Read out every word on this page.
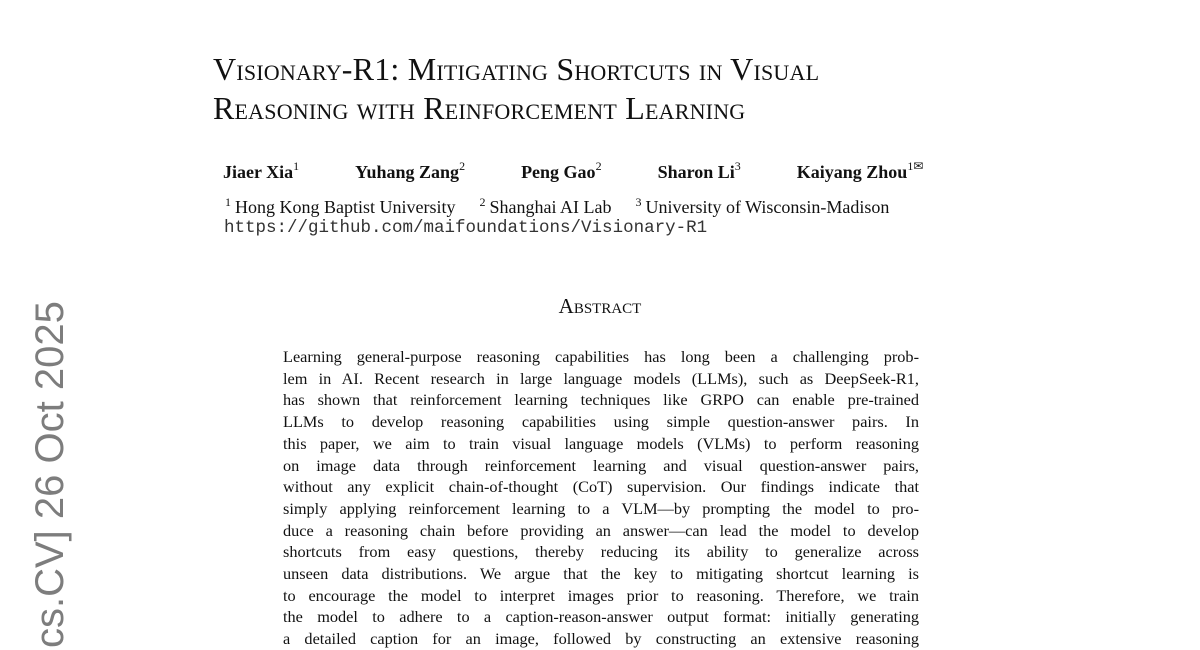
cs.CV] 26 Oct 2025
Visionary-R1: Mitigating Shortcuts in Visual
Reasoning with Reinforcement Learning
Jiaer Xia$^1$	Yuhang Zang$^2$	Peng Gao$^2$	Sharon Li$^3$	Kaiyang Zhou$^{1✉}$
$^1$ Hong Kong Baptist University $^2$ Shanghai AI Lab $^3$ University of Wisconsin-Madison
https://github.com/maifoundations/Visionary-R1
Abstract

Learning general-purpose reasoning capabilities has long been a challenging prob-
lem in AI. Recent research in large language models (LLMs), such as DeepSeek-R1,
has shown that reinforcement learning techniques like GRPO can enable pre-trained
LLMs to develop reasoning capabilities using simple question-answer pairs. In
this paper, we aim to train visual language models (VLMs) to perform reasoning
on image data through reinforcement learning and visual question-answer pairs,
without any explicit chain-of-thought (CoT) supervision. Our findings indicate that
simply applying reinforcement learning to a VLM—by prompting the model to pro-
duce a reasoning chain before providing an answer—can lead the model to develop
shortcuts from easy questions, thereby reducing its ability to generalize across
unseen data distributions. We argue that the key to mitigating shortcut learning is
to encourage the model to interpret images prior to reasoning. Therefore, we train
the model to adhere to a caption-reason-answer output format: initially generating
a detailed caption for an image, followed by constructing an extensive reasoning
